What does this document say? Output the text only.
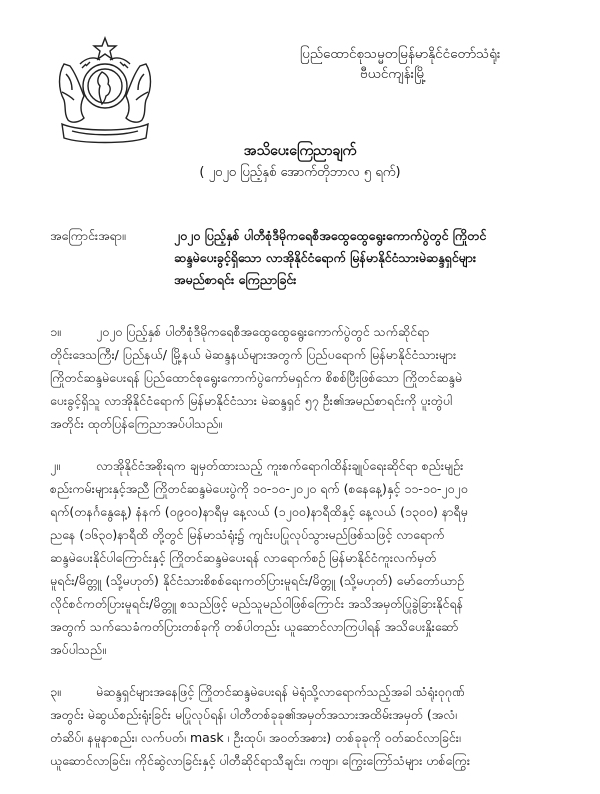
ပြည်ထောင်စုသမ္မတမြန်မာနိုင်ငံတော်သံရုံး
ဗီယင်ကျန်းမြို့
အသိပေးကြေညာချက်
( ၂၀၂၀ ပြည့်နှစ် အောက်တိုဘာလ ၅ ရက်)
အကြောင်းအရာ။	၂၀၂၀ ပြည့်နှစ် ပါတီစုံဒီမိုကရေစီအထွေထွေရွေးကောက်ပွဲတွင် ကြိုတင်
ဆန္ဒမဲပေးခွင့်ရှိသော လာအိုနိုင်ငံရောက် မြန်မာနိုင်ငံသားမဲဆန္ဒရှင်များ
အမည်စာရင်း ကြေညာခြင်း
၁။	၂၀၂၀ ပြည့်နှစ် ပါတီစုံဒီမိုကရေစီအထွေထွေရွေးကောက်ပွဲတွင် သက်ဆိုင်ရာ
တိုင်းဒေသကြီး/ ပြည်နယ်/ မြို့နယ် မဲဆန္ဒနယ်များအတွက် ပြည်ပရောက် မြန်မာနိုင်ငံသားများ
ကြိုတင်ဆန္ဒမဲပေးရန် ပြည်ထောင်စုရွေးကောက်ပွဲကော်မရှင်က စိစစ်ပြီးဖြစ်သော ကြိုတင်ဆန္ဒမဲ
ပေးခွင့်ရှိသူ လာအိုနိုင်ငံရောက် မြန်မာနိုင်ငံသား မဲဆန္ဒရှင် ၅၇ ဦး၏အမည်စာရင်းကို ပူးတွဲပါ
အတိုင်း ထုတ်ပြန်ကြေညာအပ်ပါသည်။
၂။	လာအိုနိုင်ငံအစိုးရက ချမှတ်ထားသည့် ကူးစက်ရောဂါထိန်းချုပ်ရေးဆိုင်ရာ စည်းမျဉ်း
စည်းကမ်းများနှင့်အညီ ကြိုတင်ဆန္ဒမဲပေးပွဲကို ၁၀-၁၀-၂၀၂၀ ရက် (စနေနေ့)နှင့် ၁၁-၁၀-၂၀၂၀
ရက်(တနင်္ဂနွေနေ့) နံနက် (၀၉၀၀)နာရီမှ နေ့လယ် (၁၂၀၀)နာရီထိနှင့် နေ့လယ် (၁၃၀၀) နာရီမှ
ညနေ (၁၆၃၀)နာရီထိ တို့တွင် မြန်မာသံရုံး၌ ကျင်းပပြုလုပ်သွားမည်ဖြစ်သဖြင့် လာရောက်
ဆန္ဒမဲပေးနိုင်ပါကြောင်းနှင့် ကြိုတင်ဆန္ဒမဲပေးရန် လာရောက်စဉ် မြန်မာနိုင်ငံကူးလက်မှတ်
မူရင်း/မိတ္တူ (သို့မဟုတ်) နိုင်ငံသားစိစစ်ရေးကတ်ပြားမူရင်း/မိတ္တူ (သို့မဟုတ်) မော်တော်ယာဉ်
လိုင်စင်ကတ်ပြားမူရင်း/မိတ္တူ စသည်ဖြင့် မည်သူမည်ဝါဖြစ်ကြောင်း အသိအမှတ်ပြုခွဲခြားနိုင်ရန်
အတွက် သက်သေခံကတ်ပြားတစ်ခုကို တစ်ပါတည်း ယူဆောင်လာကြပါရန် အသိပေးနှိုးဆော်
အပ်ပါသည်။
၃။	မဲဆန္ဒရှင်များအနေဖြင့် ကြိုတင်ဆန္ဒမဲပေးရန် မဲရုံသို့လာရောက်သည့်အခါ သံရုံးဝုဂုဏ်
အတွင်း မဲဆွယ်စည်းရုံးခြင်း မပြုလုပ်ရန်၊ ပါတီတစ်ခုခု၏အမှတ်အသားအထိမ်းအမှတ် (အလံ၊
တံဆိပ်၊ နမူနာစည်း၊ လက်ပတ်၊ mask ၊ ဦးထုပ်၊ အဝတ်အစား) တစ်ခုခုကို ဝတ်ဆင်လာခြင်း၊
ယူဆောင်လာခြင်း၊ ကိုင်ဆွဲလာခြင်းနှင့် ပါတီဆိုင်ရာသီချင်း၊ ကဗျာ၊ ကြွေးကြော်သံများ ဟစ်ကြွေး
